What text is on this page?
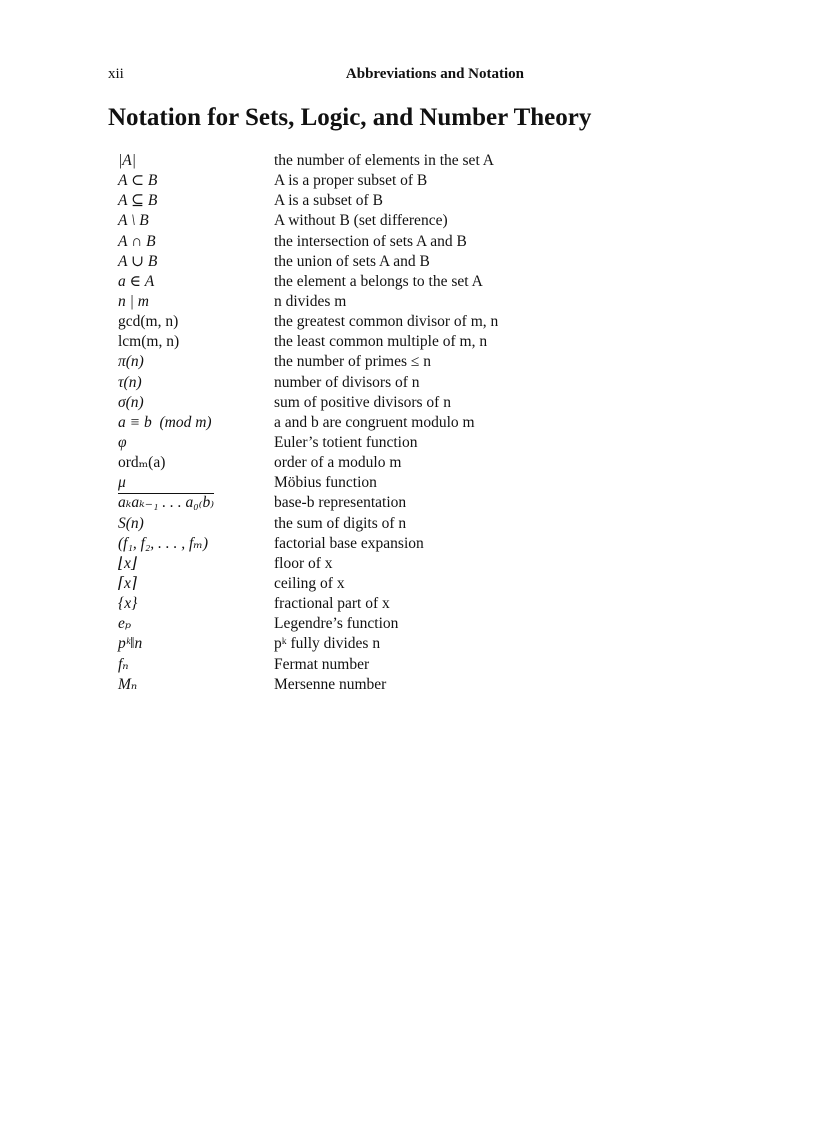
xii	Abbreviations and Notation
Notation for Sets, Logic, and Number Theory
|A|	the number of elements in the set A
A ⊂ B	A is a proper subset of B
A ⊆ B	A is a subset of B
A \ B	A without B (set difference)
A ∩ B	the intersection of sets A and B
A ∪ B	the union of sets A and B
a ∈ A	the element a belongs to the set A
n | m	n divides m
gcd(m, n)	the greatest common divisor of m, n
lcm(m, n)	the least common multiple of m, n
π(n)	the number of primes ≤ n
τ(n)	number of divisors of n
σ(n)	sum of positive divisors of n
a ≡ b  (mod m)	a and b are congruent modulo m
φ	Euler’s totient function
ordₘ(a)	order of a modulo m
μ	Möbius function
aₖaₖ₋₁ . . . a₀₍b₎	base-b representation
S(n)	the sum of digits of n
(f₁, f₂, . . . , fₘ)	factorial base expansion
⌊x⌋	floor of x
⌈x⌉	ceiling of x
{x}	fractional part of x
eₚ	Legendre’s function
pᵏ‖n	pᵏ fully divides n
fₙ	Fermat number
Mₙ	Mersenne number
